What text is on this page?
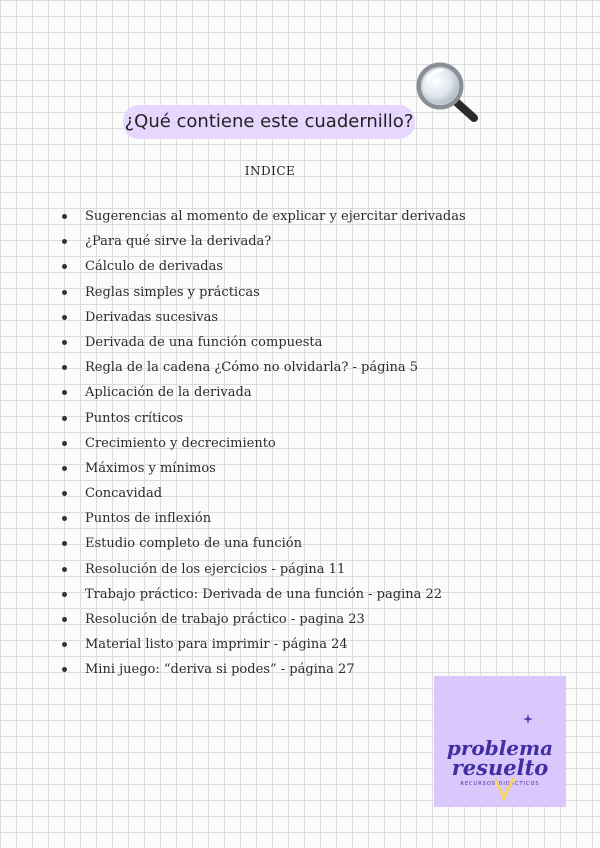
¿Qué contiene este cuadernillo?
INDICE
Sugerencias al momento de explicar y ejercitar derivadas
¿Para qué sirve la derivada?
Cálculo de derivadas
Reglas simples y prácticas
Derivadas sucesivas
Derivada de una función compuesta
Regla de la cadena ¿Cómo no olvidarla? - página 5
Aplicación de la derivada
Puntos críticos
Crecimiento y decrecimiento
Máximos y mínimos
Concavidad
Puntos de inflexión
Estudio completo de una función
Resolución de los ejercicios - página 11
Trabajo práctico: Derivada de una función - pagina 22
Resolución de trabajo práctico - pagina 23
Material listo para imprimir - página 24
Mini juego: “deriva si podes” - página 27
problema
resuelto
RECURSOS DIDÁCTICOS
